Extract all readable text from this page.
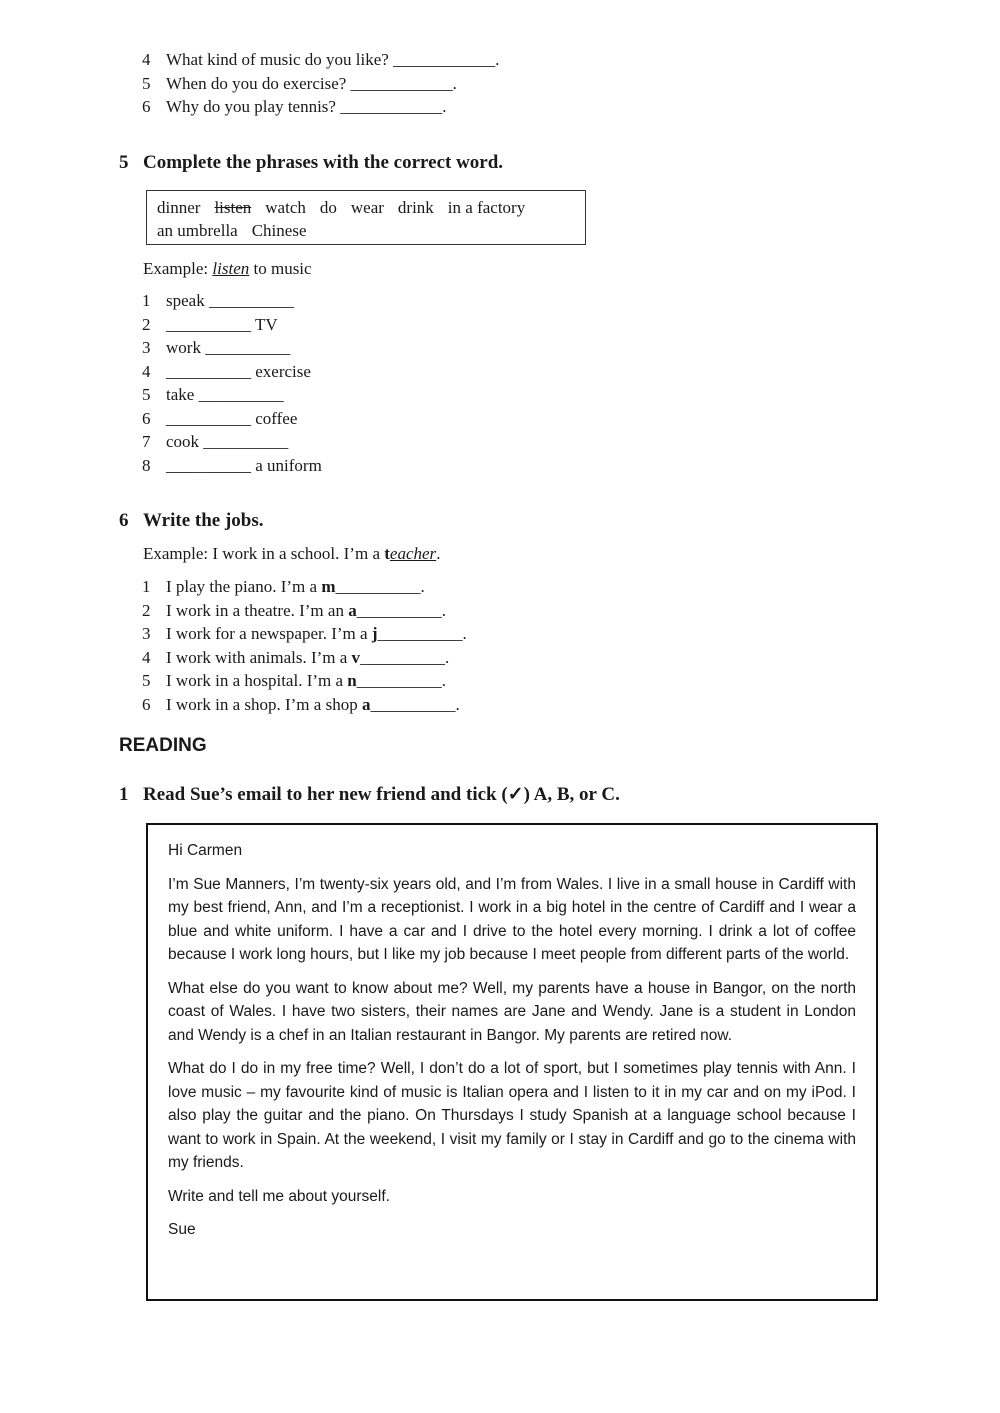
4 What kind of music do you like? ____________.
5 When do you do exercise? ____________.
6 Why do you play tennis? ____________.
5 Complete the phrases with the correct word.
dinner listen watch do wear drink in a factory
an umbrella Chinese
Example: listen to music
1 speak __________
2 __________ TV
3 work __________
4 __________ exercise
5 take __________
6 __________ coffee
7 cook __________
8 __________ a uniform
6 Write the jobs.
Example: I work in a school. I’m a teacher.
1 I play the piano. I’m a m__________.
2 I work in a theatre. I’m an a__________.
3 I work for a newspaper. I’m a j__________.
4 I work with animals. I’m a v__________.
5 I work in a hospital. I’m a n__________.
6 I work in a shop. I’m a shop a__________.
READING
1 Read Sue’s email to her new friend and tick (✓) A, B, or C.

Hi Carmen

I’m Sue Manners, I’m twenty-six years old, and I’m from Wales. I live in a small house in Cardiff with my best friend, Ann, and I’m a receptionist. I work in a big hotel in the centre of Cardiff and I wear a blue and white uniform. I have a car and I drive to the hotel every morning. I drink a lot of coffee because I work long hours, but I like my job because I meet people from different parts of the world.

What else do you want to know about me? Well, my parents have a house in Bangor, on the north coast of Wales. I have two sisters, their names are Jane and Wendy. Jane is a student in London and Wendy is a chef in an Italian restaurant in Bangor. My parents are retired now.

What do I do in my free time? Well, I don’t do a lot of sport, but I sometimes play tennis with Ann. I love music – my favourite kind of music is Italian opera and I listen to it in my car and on my iPod. I also play the guitar and the piano. On Thursdays I study Spanish at a language school because I want to work in Spain. At the weekend, I visit my family or I stay in Cardiff and go to the cinema with my friends.

Write and tell me about yourself.

Sue
